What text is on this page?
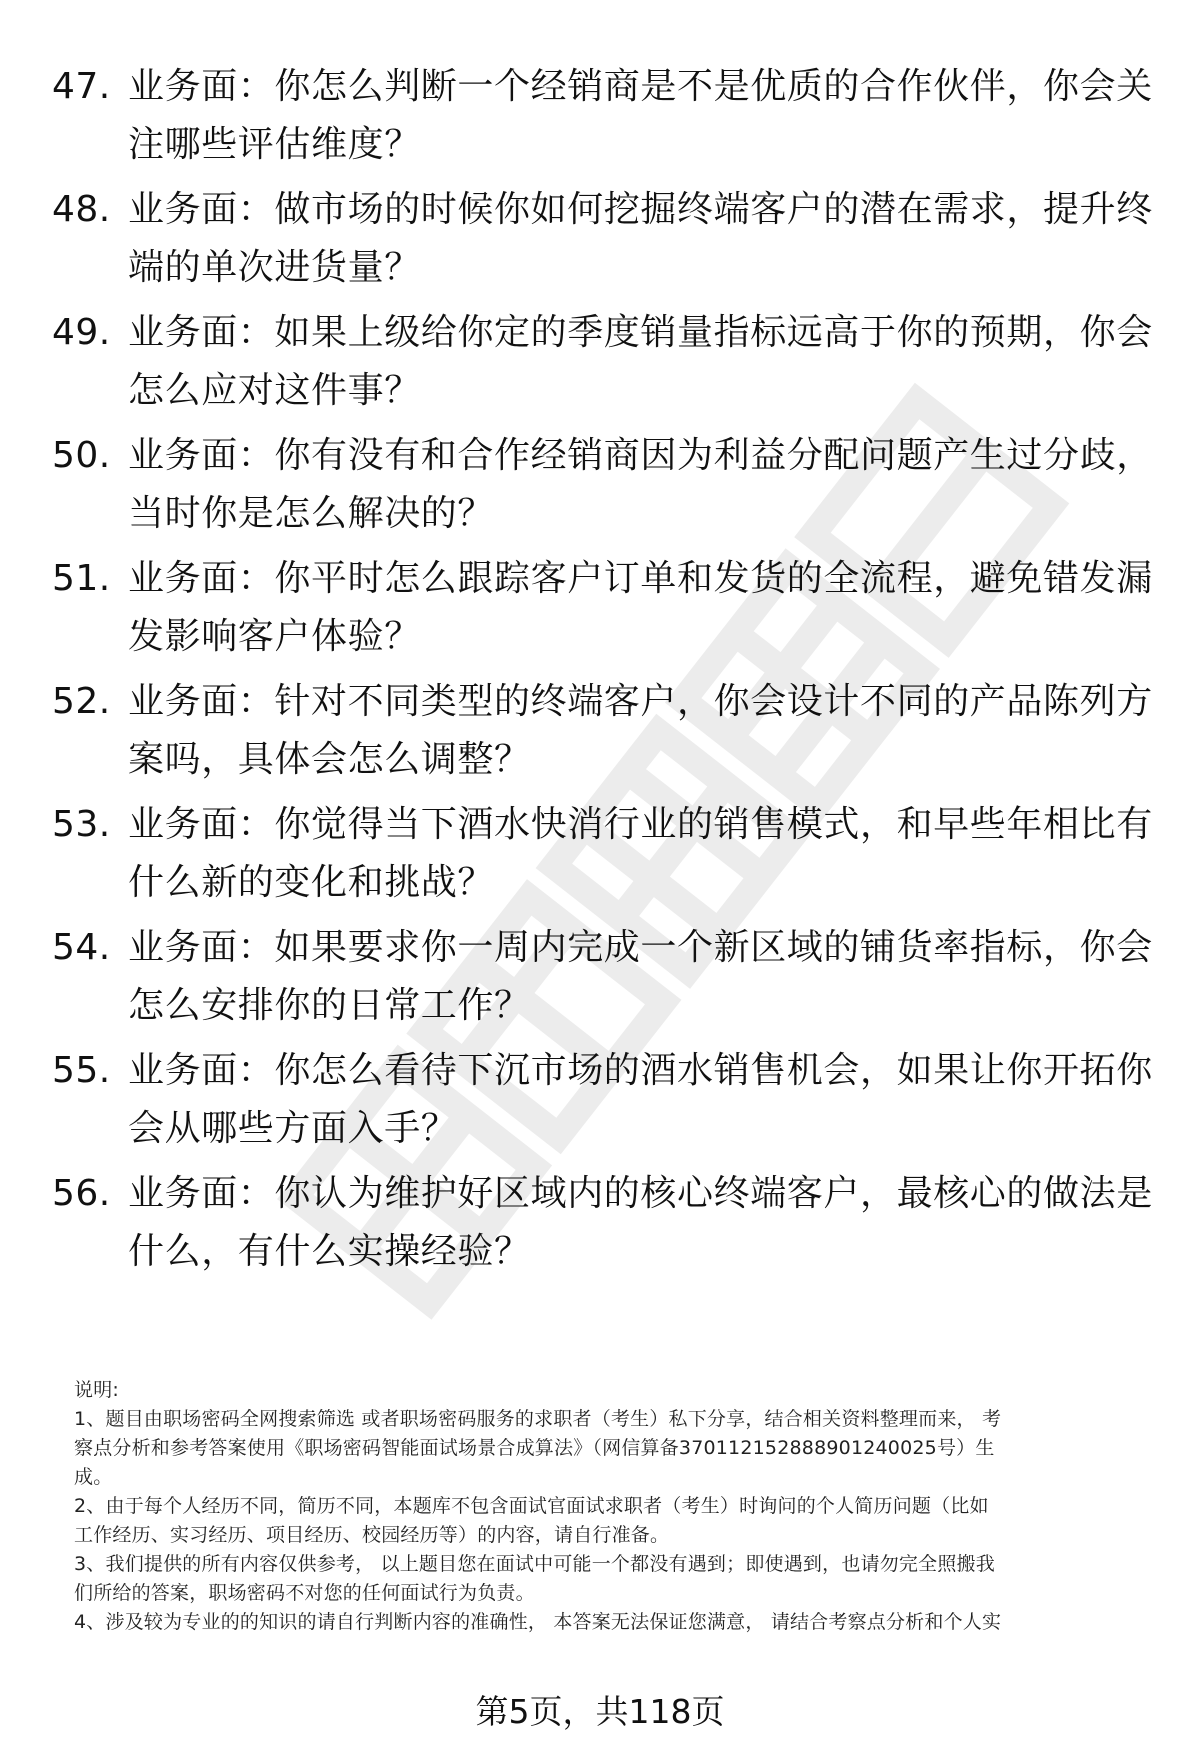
47. 业务面：你怎么判断一个经销商是不是优质的合作伙伴，你会关
注哪些评估维度？
48. 业务面：做市场的时候你如何挖掘终端客户的潜在需求，提升终
端的单次进货量？
49. 业务面：如果上级给你定的季度销量指标远高于你的预期，你会
怎么应对这件事？
50. 业务面：你有没有和合作经销商因为利益分配问题产生过分歧，
当时你是怎么解决的？
51. 业务面：你平时怎么跟踪客户订单和发货的全流程，避免错发漏
发影响客户体验？
52. 业务面：针对不同类型的终端客户，你会设计不同的产品陈列方
案吗，具体会怎么调整？
53. 业务面：你觉得当下酒水快消行业的销售模式，和早些年相比有
什么新的变化和挑战？
54. 业务面：如果要求你一周内完成一个新区域的铺货率指标，你会
怎么安排你的日常工作？
55. 业务面：你怎么看待下沉市场的酒水销售机会，如果让你开拓你
会从哪些方面入手？
56. 业务面：你认为维护好区域内的核心终端客户，最核心的做法是
什么，有什么实操经验？
说明:
1、题目由职场密码全网搜索筛选 或者职场密码服务的求职者（考生）私下分享，结合相关资料整理而来， 考
察点分析和参考答案使用《职场密码智能面试场景合成算法》（网信算备370112152888901240025号）生
成。
2、由于每个人经历不同，简历不同，本题库不包含面试官面试求职者（考生）时询问的个人简历问题（比如
工作经历、实习经历、项目经历、校园经历等）的内容，请自行准备。
3、我们提供的所有内容仅供参考， 以上题目您在面试中可能一个都没有遇到；即使遇到，也请勿完全照搬我
们所给的答案，职场密码不对您的任何面试行为负责。
4、涉及较为专业的的知识的请自行判断内容的准确性， 本答案无法保证您满意， 请结合考察点分析和个人实
第5页，共118页
